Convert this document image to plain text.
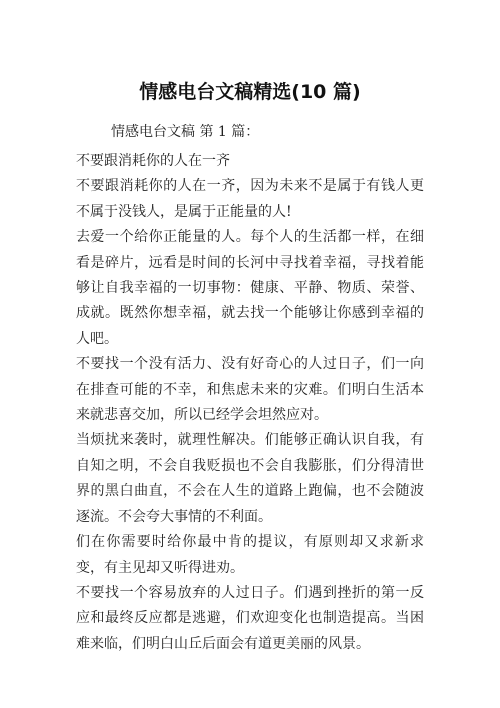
情感电台文稿精选(10 篇)
情感电台文稿 第 1 篇：

不要跟消耗你的人在一齐

不要跟消耗你的人在一齐，因为未来不是属于有钱人更不属于没钱人，是属于正能量的人!

去爱一个给你正能量的人。每个人的生活都一样，在细看是碎片，远看是时间的长河中寻找着幸福，寻找着能够让自我幸福的一切事物：健康、平静、物质、荣誉、成就。既然你想幸福，就去找一个能够让你感到幸福的人吧。

不要找一个没有活力、没有好奇心的人过日子，们一向在排查可能的不幸，和焦虑未来的灾难。们明白生活本来就悲喜交加，所以已经学会坦然应对。

当烦扰来袭时，就理性解决。们能够正确认识自我，有自知之明，不会自我贬损也不会自我膨胀，们分得清世界的黑白曲直，不会在人生的道路上跑偏，也不会随波逐流。不会夸大事情的不利面。

们在你需要时给你最中肯的提议，有原则却又求新求变，有主见却又听得进劝。

不要找一个容易放弃的人过日子。们遇到挫折的第一反应和最终反应都是逃避，们欢迎变化也制造提高。当困难来临，们明白山丘后面会有道更美丽的风景。
